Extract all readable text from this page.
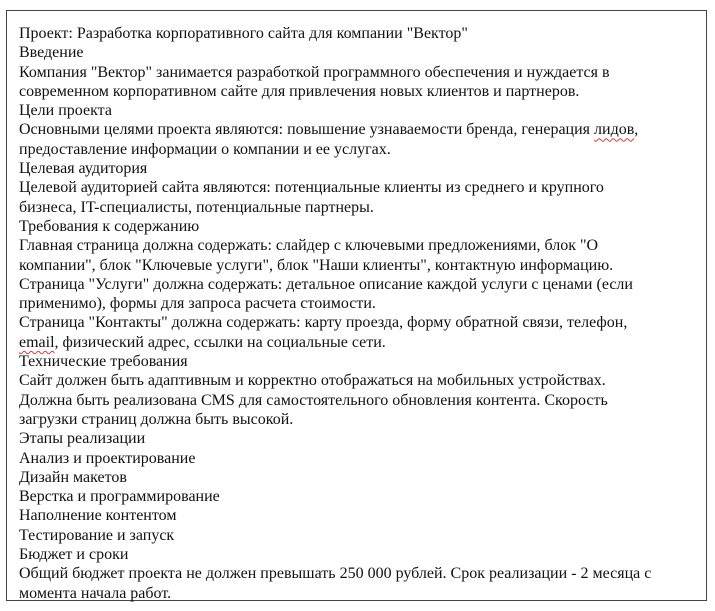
Проект: Разработка корпоративного сайта для компании "Вектор"
Введение
Компания "Вектор" занимается разработкой программного обеспечения и нуждается в
современном корпоративном сайте для привлечения новых клиентов и партнеров.
Цели проекта
Основными целями проекта являются: повышение узнаваемости бренда, генерация лидов,
предоставление информации о компании и ее услугах.
Целевая аудитория
Целевой аудиторией сайта являются: потенциальные клиенты из среднего и крупного
бизнеса, IT-специалисты, потенциальные партнеры.
Требования к содержанию
Главная страница должна содержать: слайдер с ключевыми предложениями, блок "О
компании", блок "Ключевые услуги", блок "Наши клиенты", контактную информацию.
Страница "Услуги" должна содержать: детальное описание каждой услуги с ценами (если
применимо), формы для запроса расчета стоимости.
Страница "Контакты" должна содержать: карту проезда, форму обратной связи, телефон,
email, физический адрес, ссылки на социальные сети.
Технические требования
Сайт должен быть адаптивным и корректно отображаться на мобильных устройствах.
Должна быть реализована CMS для самостоятельного обновления контента. Скорость
загрузки страниц должна быть высокой.
Этапы реализации
Анализ и проектирование
Дизайн макетов
Верстка и программирование
Наполнение контентом
Тестирование и запуск
Бюджет и сроки
Общий бюджет проекта не должен превышать 250 000 рублей. Срок реализации - 2 месяца с
момента начала работ.
